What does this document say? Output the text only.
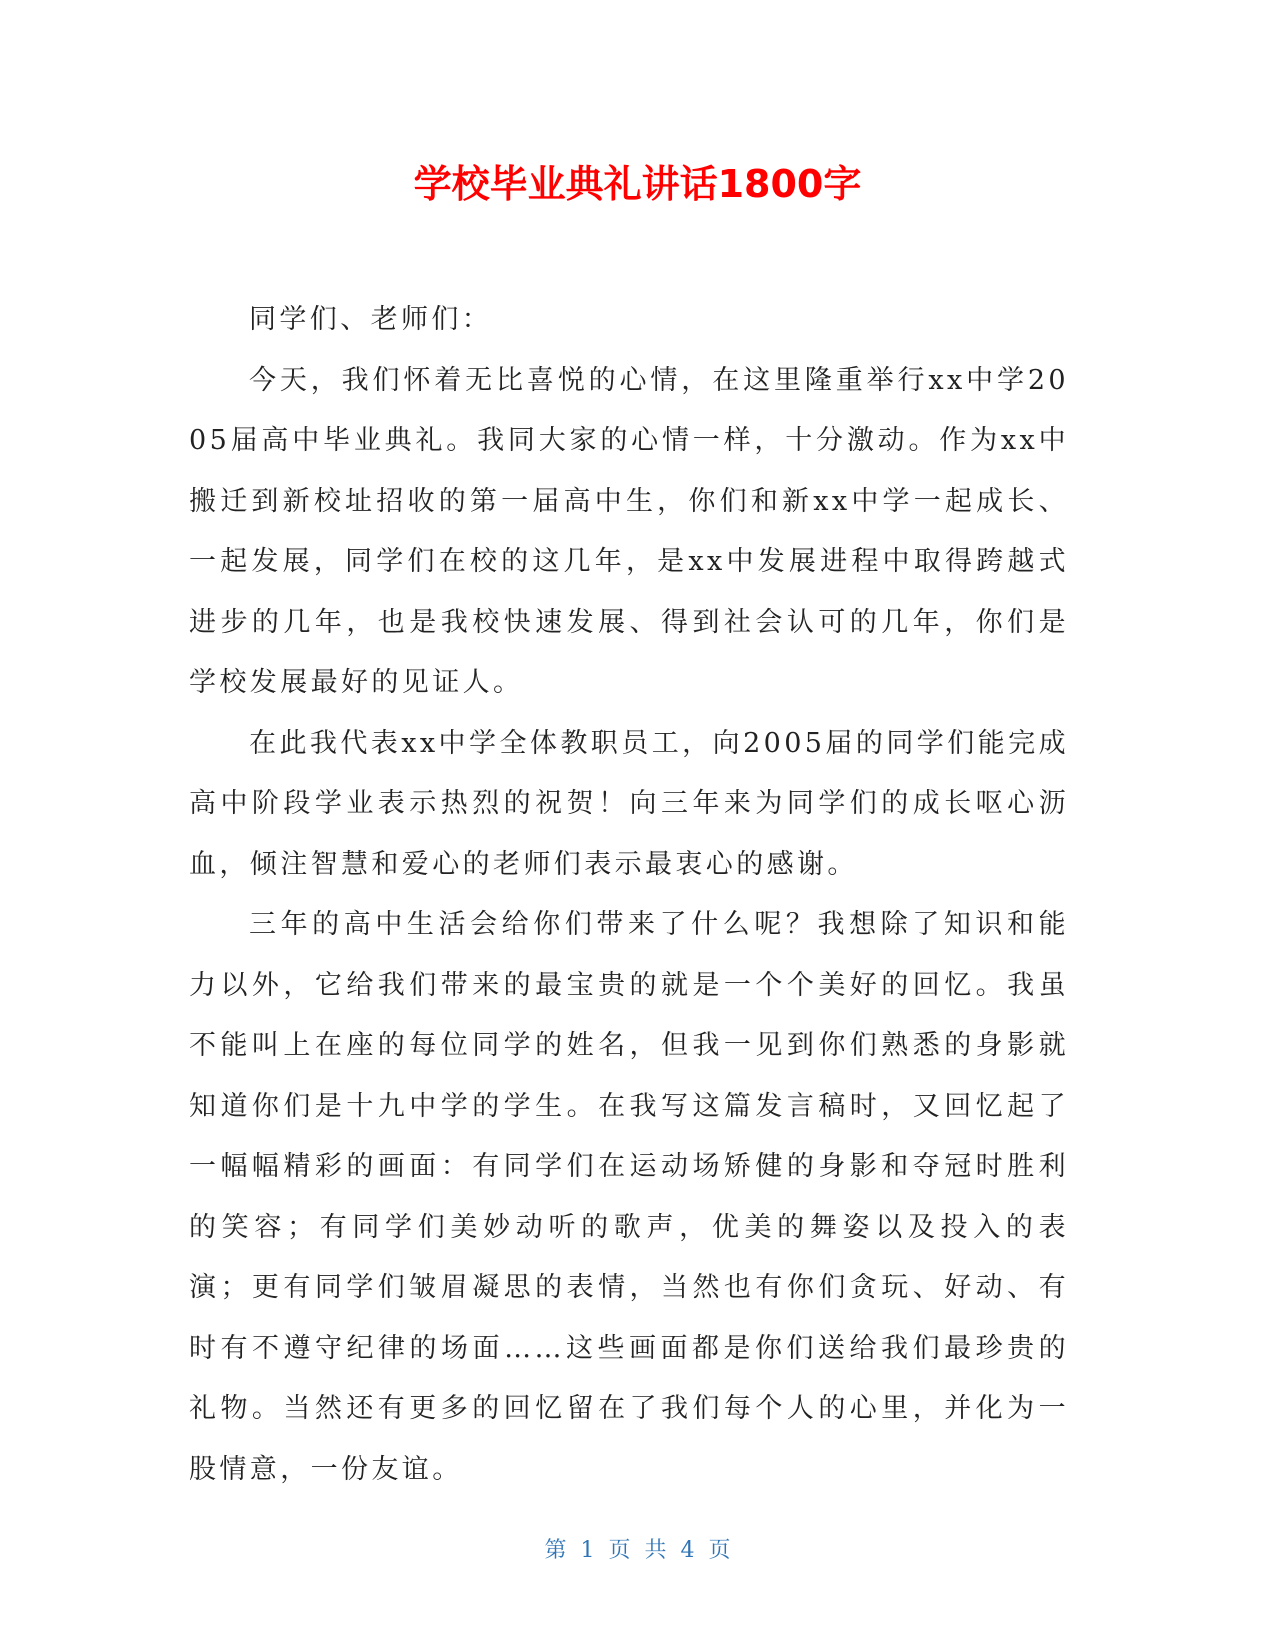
学校毕业典礼讲话1800字

同学们、老师们：

今天，我们怀着无比喜悦的心情，在这里隆重举行xx中学2005届高中毕业典礼。我同大家的心情一样，十分激动。作为xx中搬迁到新校址招收的第一届高中生，你们和新xx中学一起成长、一起发展，同学们在校的这几年，是xx中发展进程中取得跨越式进步的几年，也是我校快速发展、得到社会认可的几年，你们是学校发展最好的见证人。

在此我代表xx中学全体教职员工，向2005届的同学们能完成高中阶段学业表示热烈的祝贺！向三年来为同学们的成长呕心沥血，倾注智慧和爱心的老师们表示最衷心的感谢。

三年的高中生活会给你们带来了什么呢？我想除了知识和能力以外，它给我们带来的最宝贵的就是一个个美好的回忆。我虽不能叫上在座的每位同学的姓名，但我一见到你们熟悉的身影就知道你们是十九中学的学生。在我写这篇发言稿时，又回忆起了一幅幅精彩的画面：有同学们在运动场矫健的身影和夺冠时胜利的笑容；有同学们美妙动听的歌声，优美的舞姿以及投入的表演；更有同学们皱眉凝思的表情，当然也有你们贪玩、好动、有时有不遵守纪律的场面……这些画面都是你们送给我们最珍贵的礼物。当然还有更多的回忆留在了我们每个人的心里，并化为一股情意，一份友谊。

第 1 页 共 4 页
